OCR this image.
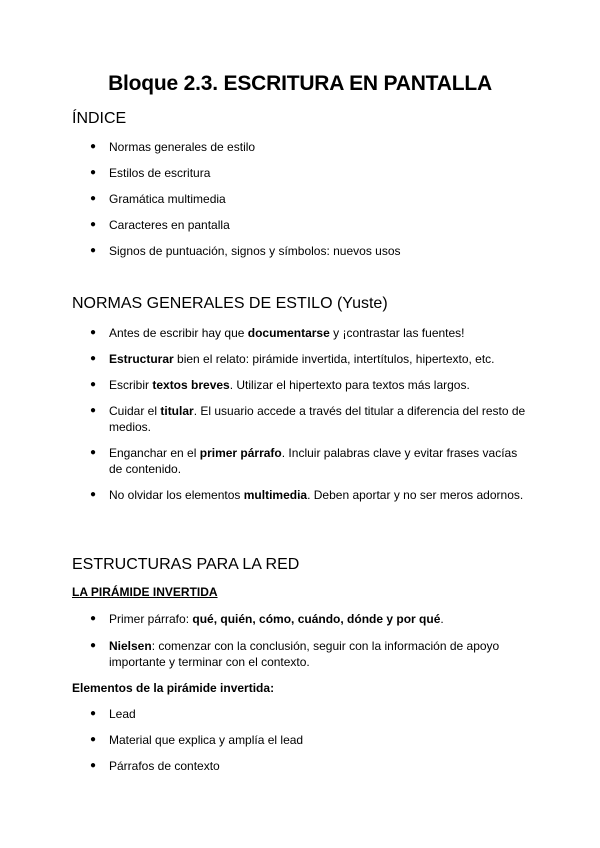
Bloque 2.3. ESCRITURA EN PANTALLA
ÍNDICE
● Normas generales de estilo
● Estilos de escritura
● Gramática multimedia
● Caracteres en pantalla
● Signos de puntuación, signos y símbolos: nuevos usos
NORMAS GENERALES DE ESTILO (Yuste)
● Antes de escribir hay que documentarse y ¡contrastar las fuentes!
● Estructurar bien el relato: pirámide invertida, intertítulos, hipertexto, etc.
● Escribir textos breves. Utilizar el hipertexto para textos más largos.
● Cuidar el titular. El usuario accede a través del titular a diferencia del resto de medios.
● Enganchar en el primer párrafo. Incluir palabras clave y evitar frases vacías de contenido.
● No olvidar los elementos multimedia. Deben aportar y no ser meros adornos.
ESTRUCTURAS PARA LA RED
LA PIRÁMIDE INVERTIDA
● Primer párrafo: qué, quién, cómo, cuándo, dónde y por qué.
● Nielsen: comenzar con la conclusión, seguir con la información de apoyo importante y terminar con el contexto.
Elementos de la pirámide invertida:
● Lead
● Material que explica y amplía el lead
● Párrafos de contexto
